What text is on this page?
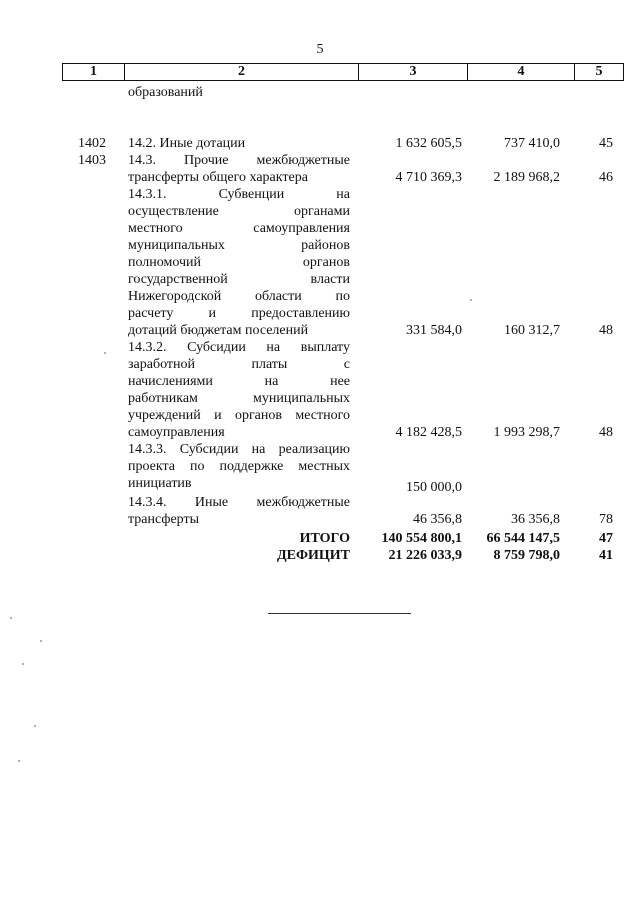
5
1	2	3	4	5
образований
1402 14.2. Иные дотации	1 632 605,5	737 410,0	45
1403 14.3. Прочие межбюджетные
трансферты общего характера	4 710 369,3	2 189 968,2	46
14.3.1. Субвенции на
осуществление органами
местного самоуправления
муниципальных районов
полномочий органов
государственной власти
Нижегородской области по
расчету и предоставлению
дотаций бюджетам поселений	331 584,0	160 312,7	48
14.3.2. Субсидии на выплату
заработной платы с
начислениями на нее
работникам муниципальных
учреждений и органов местного
самоуправления	4 182 428,5	1 993 298,7	48
14.3.3. Субсидии на реализацию
проекта по поддержке местных
инициатив	150 000,0
14.3.4. Иные межбюджетные
трансферты	46 356,8	36 356,8	78
ИТОГО	140 554 800,1	66 544 147,5	47
ДЕФИЦИТ	21 226 033,9	8 759 798,0	41
